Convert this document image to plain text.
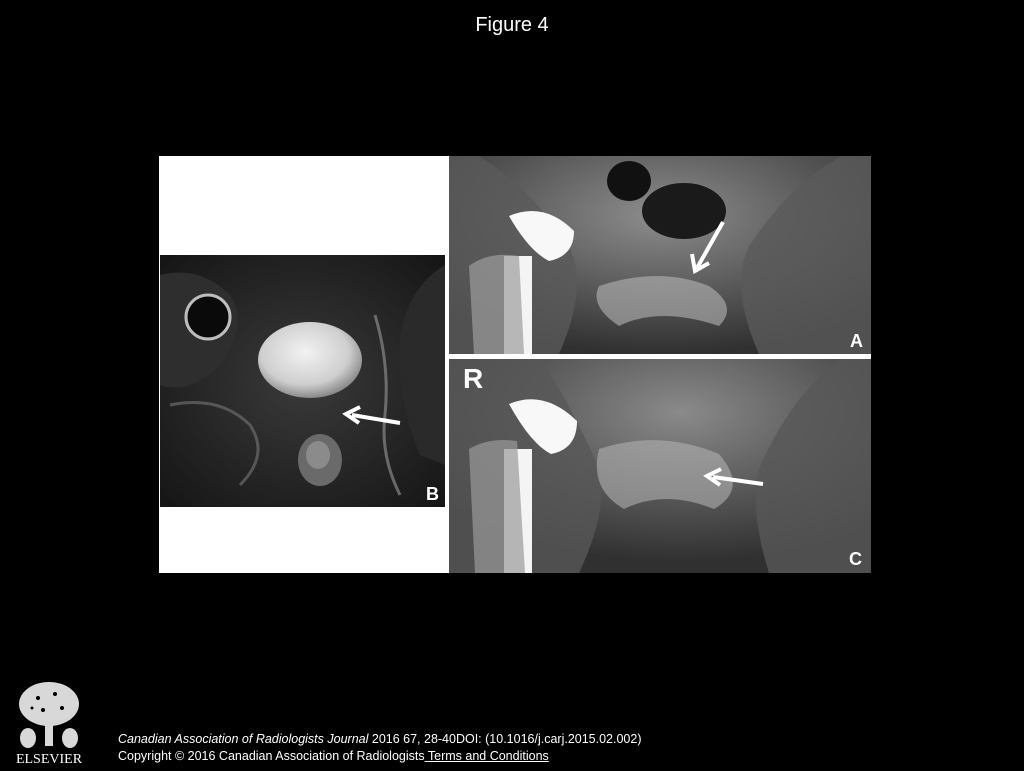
Figure 4
B
A
R
C
ELSEVIER
Canadian Association of Radiologists Journal 2016 67, 28-40DOI: (10.1016/j.carj.2015.02.002)
Copyright © 2016 Canadian Association of Radiologists Terms and Conditions
